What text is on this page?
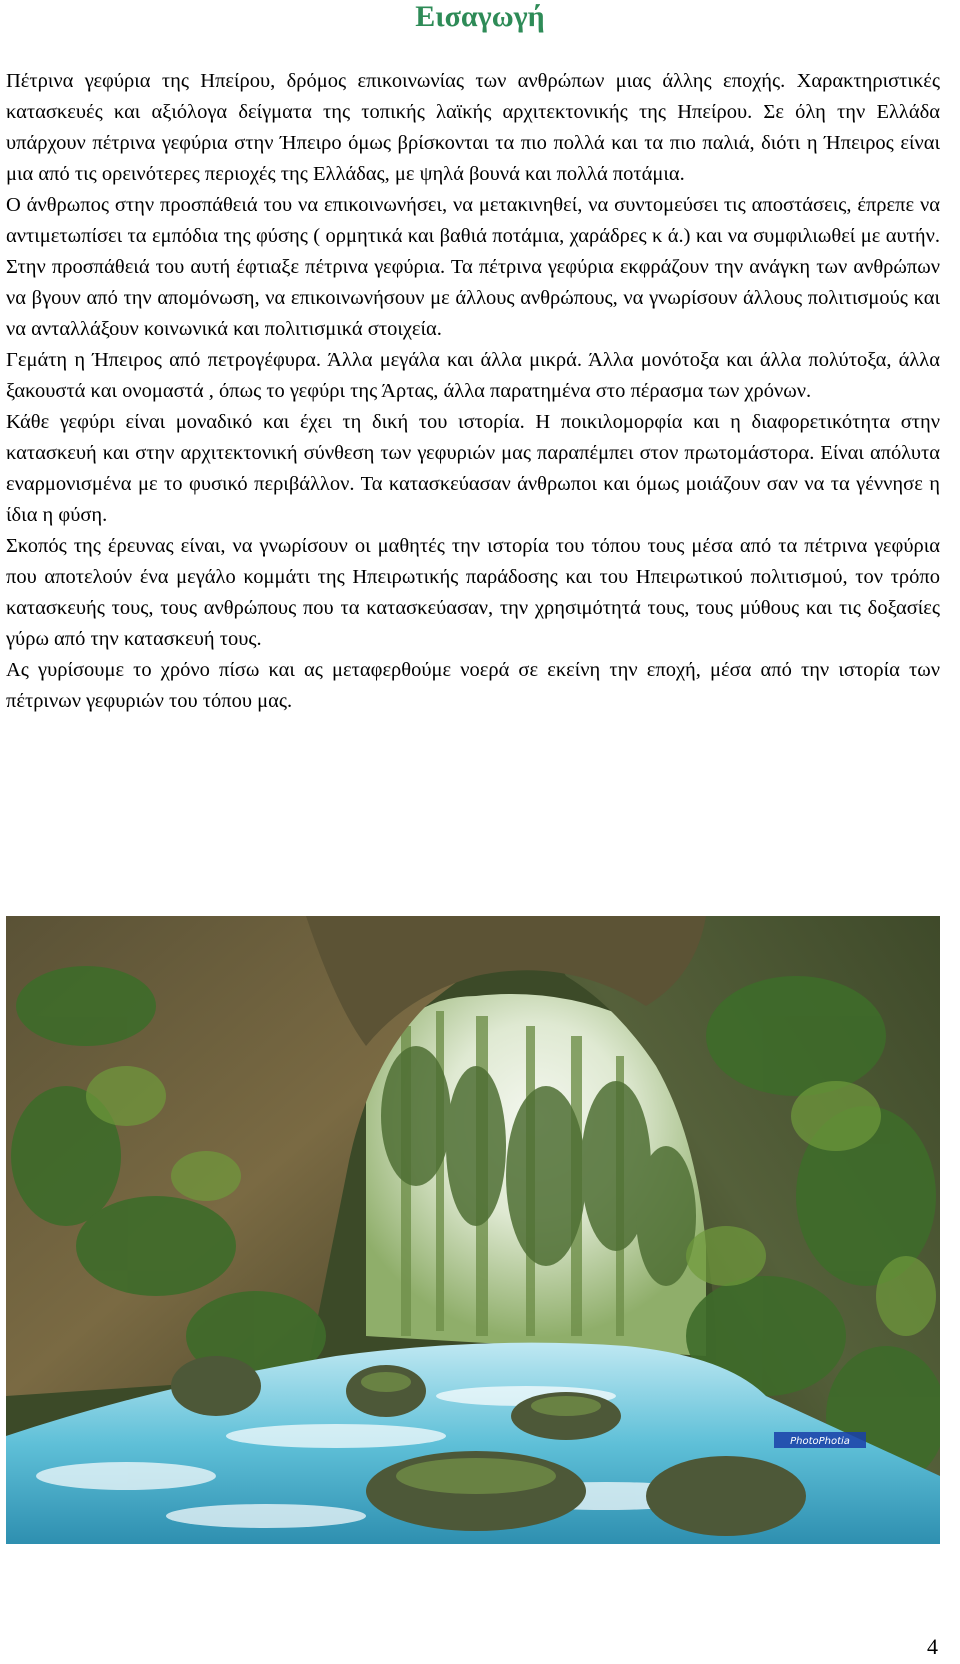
Εισαγωγή

Πέτρινα γεφύρια της Ηπείρου, δρόμος επικοινωνίας των ανθρώπων μιας άλλης εποχής. Χαρακτηριστικές κατασκευές και αξιόλογα δείγματα της τοπικής λαϊκής αρχιτεκτονικής της Ηπείρου. Σε όλη την Ελλάδα υπάρχουν πέτρινα γεφύρια στην Ήπειρο όμως βρίσκονται τα πιο πολλά και τα πιο παλιά, διότι η Ήπειρος είναι μια από τις ορεινότερες περιοχές της Ελλάδας, με ψηλά βουνά και πολλά ποτάμια.

Ο άνθρωπος στην προσπάθειά του να επικοινωνήσει, να μετακινηθεί, να συντομεύσει τις αποστάσεις, έπρεπε να αντιμετωπίσει τα εμπόδια της φύσης ( ορμητικά και βαθιά ποτάμια, χαράδρες κ ά.) και να συμφιλιωθεί με αυτήν. Στην προσπάθειά του αυτή έφτιαξε πέτρινα γεφύρια. Τα πέτρινα γεφύρια εκφράζουν την ανάγκη των ανθρώπων να βγουν από την απομόνωση, να επικοινωνήσουν με άλλους ανθρώπους, να γνωρίσουν άλλους πολιτισμούς και να ανταλλάξουν κοινωνικά και πολιτισμικά στοιχεία.

Γεμάτη η Ήπειρος από πετρογέφυρα. Άλλα μεγάλα και άλλα μικρά. Άλλα μονότοξα και άλλα πολύτοξα, άλλα ξακουστά και ονομαστά , όπως το γεφύρι της Άρτας, άλλα παρατημένα στο πέρασμα των χρόνων.

Κάθε γεφύρι είναι μοναδικό και έχει τη δική του ιστορία. Η ποικιλομορφία και η διαφορετικότητα στην κατασκευή και στην αρχιτεκτονική σύνθεση των γεφυριών μας παραπέμπει στον πρωτομάστορα. Είναι απόλυτα εναρμονισμένα με το φυσικό περιβάλλον. Τα κατασκεύασαν άνθρωποι και όμως μοιάζουν σαν να τα γέννησε η ίδια η φύση.

Σκοπός της έρευνας είναι, να γνωρίσουν οι μαθητές την ιστορία του τόπου τους μέσα από τα πέτρινα γεφύρια που αποτελούν ένα μεγάλο κομμάτι της Ηπειρωτικής παράδοσης και του Ηπειρωτικού πολιτισμού, τον τρόπο κατασκευής τους, τους ανθρώπους που τα κατασκεύασαν, την χρησιμότητά τους, τους μύθους και τις δοξασίες γύρω από την κατασκευή τους.

Ας γυρίσουμε το χρόνο πίσω και ας μεταφερθούμε νοερά σε εκείνη την εποχή, μέσα από την ιστορία των πέτρινων γεφυριών του τόπου μας.

PhotoPhotia
4
